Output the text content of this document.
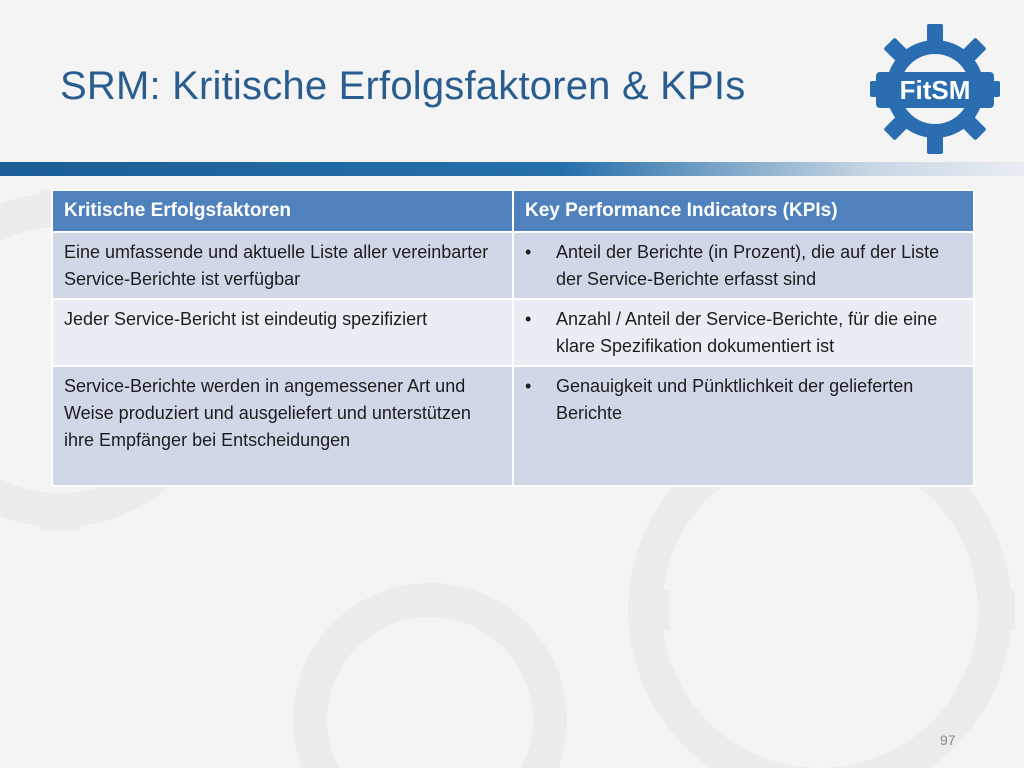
SRM: Kritische Erfolgsfaktoren & KPIs	FitSM
Kritische Erfolgsfaktoren	Key Performance Indicators (KPIs)

Eine umfassende und aktuelle Liste aller vereinbarter Service-Berichte ist verfügbar	• Anteil der Berichte (in Prozent), die auf der Liste der Service-Berichte erfasst sind

Jeder Service-Bericht ist eindeutig spezifiziert	• Anzahl / Anteil der Service-Berichte, für die eine klare Spezifikation dokumentiert ist

Service-Berichte werden in angemessener Art und Weise produziert und ausgeliefert und unterstützen ihre Empfänger bei Entscheidungen	• Genauigkeit und Pünktlichkeit der gelieferten Berichte
97
